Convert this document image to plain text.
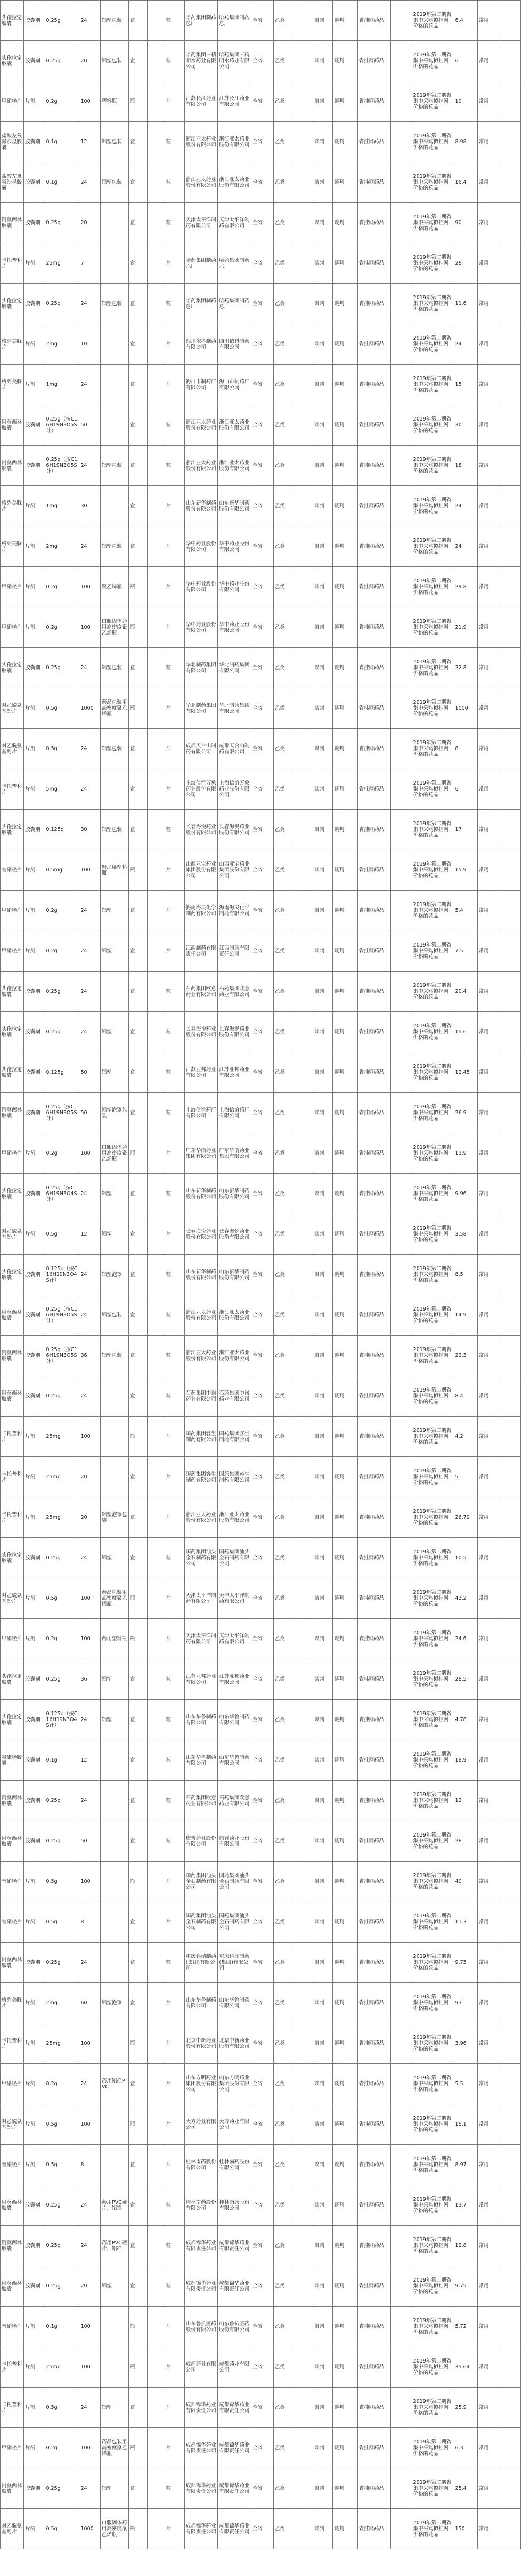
头孢拉定胶囊	胶囊剂	0.25g	24	铝塑包装	盒		粒	哈药集团制药总厂	哈药集团制药总厂	全省	乙类		谈判	谈判	省挂网药品		2019年第二期省集中采购拟挂网价格的药品	6.4	常用	
头孢拉定胶囊	胶囊剂	0.25g	20	铝塑包装	盒		粒	哈药集团三精明水药业有限公司	哈药集团三精明水药业有限公司	全省	乙类		谈判	谈判	省挂网药品		2019年第二期省集中采购拟挂网价格的药品	6	常用	
甲硝唑片	片剂	0.2g	100	塑料瓶	瓶		片	江苏长江药业有限公司	江苏长江药业有限公司	全省	乙类		谈判	谈判	省挂网药品		2019年第二期省集中采购拟挂网价格的药品	10	常用	
盐酸左氧氟沙星胶囊	胶囊剂	0.1g	12	铝塑包装	盒		粒	浙江亚太药业股份有限公司	浙江亚太药业股份有限公司	全省	乙类		谈判	谈判	省挂网药品		2019年第二期省集中采购拟挂网价格的药品	8.98	常用	
盐酸左氧氟沙星胶囊	胶囊剂	0.1g	24	铝塑包装	盒		粒	浙江亚太药业股份有限公司	浙江亚太药业股份有限公司	全省	乙类		谈判	谈判	省挂网药品		2019年第二期省集中采购拟挂网价格的药品	16.4	常用	
阿莫西林胶囊	胶囊剂	0.25g	20		盒		粒	天津太平洋制药有限公司	天津太平洋制药有限公司	全省	乙类		谈判	谈判	省挂网药品		2019年第二期省集中采购拟挂网价格的药品	90	常用	
卡托普利片	片剂	25mg	7		盒		片	哈药集团制药六厂	哈药集团制药六厂	全省	乙类		谈判	谈判	省挂网药品		2019年第二期省集中采购拟挂网价格的药品	28	常用	
头孢拉定胶囊	胶囊剂	0.25g	24	铝塑包装	盒		粒	哈药集团制药总厂	哈药集团制药总厂	全省	乙类		谈判	谈判	省挂网药品		2019年第二期省集中采购拟挂网价格的药品	11.6	常用	
格列美脲片	片剂	2mg	10		盒		片	四川依科制药有限公司	四川依科制药有限公司	全省	乙类		谈判	谈判	省挂网药品		2019年第二期省集中采购拟挂网价格的药品	24	常用	
格列美脲片	片剂	1mg	24		盒		片	海口市制药厂有限公司	海口市制药厂有限公司	全省	乙类		谈判	谈判	省挂网药品		2019年第二期省集中采购拟挂网价格的药品	15	常用	
阿莫西林胶囊	胶囊剂	0.25g（按C16H19N3O5S计）	50		盒		粒	浙江亚太药业股份有限公司	浙江亚太药业股份有限公司	全省	乙类		谈判	谈判	省挂网药品		2019年第二期省集中采购拟挂网价格的药品	30	常用	
阿莫西林胶囊	胶囊剂	0.25g（按C16H19N3O5S计）	24	铝塑包装	盒		粒	浙江亚太药业股份有限公司	浙江亚太药业股份有限公司	全省	乙类		谈判	谈判	省挂网药品		2019年第二期省集中采购拟挂网价格的药品	18	常用	
格列美脲片	片剂	1mg	30		盒		片	山东新华制药股份有限公司	山东新华制药股份有限公司	全省	乙类		谈判	谈判	省挂网药品		2019年第二期省集中采购拟挂网价格的药品	24	常用	
格列美脲片	片剂	2mg	24	铝塑包装	盒		片	华中药业股份有限公司	华中药业股份有限公司	全省	乙类		谈判	谈判	省挂网药品		2019年第二期省集中采购拟挂网价格的药品	24	常用	
甲硝唑片	片剂	0.2g	100	聚乙烯瓶	瓶		片	华中药业股份有限公司	华中药业股份有限公司	全省	乙类		谈判	谈判	省挂网药品		2019年第二期省集中采购拟挂网价格的药品	29.8	常用	
甲硝唑片	片剂	0.2g	100	口服固体药用高密度聚乙烯瓶	瓶		片	华中药业股份有限公司	华中药业股份有限公司	全省	乙类		谈判	谈判	省挂网药品		2019年第二期省集中采购拟挂网价格的药品	21.9	常用	
头孢拉定胶囊	胶囊剂	0.25g	24	铝塑包装	盒		粒	华北制药集团有限公司	华北制药集团有限公司	全省	乙类		谈判	谈判	省挂网药品		2019年第二期省集中采购拟挂网价格的药品	22.8	常用	
对乙酰氨基酚片	片剂	0.5g	1000	药品包装用高密度聚乙烯瓶	瓶		片	华北制药集团有限公司	华北制药集团有限公司	全省	乙类		谈判	谈判	省挂网药品		2019年第二期省集中采购拟挂网价格的药品	1000	常用	
对乙酰氨基酚片	片剂	0.5g	24	铝塑包装	盒		片	成都天台山制药有限公司	成都天台山制药有限公司	全省	乙类		谈判	谈判	省挂网药品		2019年第二期省集中采购拟挂网价格的药品	8	常用	
卡托普利片	片剂	5mg	24		盒		片	上海信谊万象药业股份有限公司	上海信谊万象药业股份有限公司	全省	乙类		谈判	谈判	省挂网药品		2019年第二期省集中采购拟挂网价格的药品	6	常用	
头孢拉定胶囊	胶囊剂	0.125g	30	铝塑包装	盒		粒	长春海悦药业股份有限公司	长春海悦药业股份有限公司	全省	乙类		谈判	谈判	省挂网药品		2019年第二期省集中采购拟挂网价格的药品	17	常用	
替硝唑片	片剂	0.5mg	100	聚乙烯塑料瓶	瓶		片	山西亚宝药业集团股份有限公司	山西亚宝药业集团股份有限公司	全省	乙类		谈判	谈判	省挂网药品		2019年第二期省集中采购拟挂网价格的药品	15.9	常用	
甲硝唑片	片剂	0.2g	24	铝塑	盒		片	海南海灵化学制药有限公司	海南海灵化学制药有限公司	全省	乙类		谈判	谈判	省挂网药品		2019年第二期省集中采购拟挂网价格的药品	5.4	常用	
甲硝唑片	片剂	0.2g	24	铝塑	盒		片	江西制药有限责任公司	江西制药有限责任公司	全省	乙类		谈判	谈判	省挂网药品		2019年第二期省集中采购拟挂网价格的药品	7.5	常用	
头孢拉定胶囊	胶囊剂	0.25g	24		盒		粒	石药集团欧意药业有限公司	石药集团欧意药业有限公司	全省	乙类		谈判	谈判	省挂网药品		2019年第二期省集中采购拟挂网价格的药品	20.4	常用	
头孢拉定胶囊	胶囊剂	0.25g	24	铝塑	盒		粒	长春海悦药业股份有限公司	长春海悦药业股份有限公司	全省	乙类		谈判	谈判	省挂网药品		2019年第二期省集中采购拟挂网价格的药品	15.6	常用	
头孢拉定胶囊	胶囊剂	0.125g	50	铝塑	盒		粒	江苏亚邦药业有限公司	江苏亚邦药业有限公司	全省	乙类		谈判	谈判	省挂网药品		2019年第二期省集中采购拟挂网价格的药品	12.45	常用	
阿莫西林胶囊	胶囊剂	0.25g（按C16H19N3O5S计）	50	铝塑泡罩包装	盒		粒	上海信谊药厂有限公司	上海信谊药厂有限公司	全省	乙类		谈判	谈判	省挂网药品		2019年第二期省集中采购拟挂网价格的药品	26.9	常用	
甲硝唑片	片剂	0.2g	100	口服固体药用高密度聚乙烯瓶	瓶		片	广东华南药业集团有限公司	广东华南药业集团有限公司	全省	乙类		谈判	谈判	省挂网药品		2019年第二期省集中采购拟挂网价格的药品	13.9	常用	
头孢拉定胶囊	胶囊剂	0.25g（按C16H19N3O4S计）	24	铝塑	盒		粒	山东新华制药股份有限公司	山东新华制药股份有限公司	全省	乙类		谈判	谈判	省挂网药品		2019年第二期省集中采购拟挂网价格的药品	9.96	常用	
对乙酰氨基酚片	片剂	0.5g	12	铝塑	盒		片	长春海悦药业股份有限公司	长春海悦药业股份有限公司	全省	乙类		谈判	谈判	省挂网药品		2019年第二期省集中采购拟挂网价格的药品	3.58	常用	
头孢拉定胶囊	胶囊剂	0.125g（按C16H19N3O4S计）	24	铝塑泡罩	盒		粒	山东新华制药股份有限公司	山东新华制药股份有限公司	全省	乙类		谈判	谈判	省挂网药品		2019年第二期省集中采购拟挂网价格的药品	8.5	常用	
阿莫西林胶囊	胶囊剂	0.25g（按C16H19N3O5S计）	24	铝塑包装	盒		粒	浙江亚太药业股份有限公司	浙江亚太药业股份有限公司	全省	乙类		谈判	谈判	省挂网药品		2019年第二期省集中采购拟挂网价格的药品	14.9	常用	
阿莫西林胶囊	胶囊剂	0.25g（按C16H19N3O5S计）	36	铝塑包装	盒		粒	浙江亚太药业股份有限公司	浙江亚太药业股份有限公司	全省	乙类		谈判	谈判	省挂网药品		2019年第二期省集中采购拟挂网价格的药品	22.3	常用	
阿莫西林胶囊	胶囊剂	0.25g	24		盒		粒	石药集团中诺药业有限公司	石药集团中诺药业有限公司	全省	乙类		谈判	谈判	省挂网药品		2019年第二期省集中采购拟挂网价格的药品	8.4	常用	
卡托普利片	片剂	25mg	100		瓶		片	国药集团容生制药有限公司	国药集团容生制药有限公司	全省	乙类		谈判	谈判	省挂网药品		2019年第二期省集中采购拟挂网价格的药品	4.2	常用	
卡托普利片	片剂	25mg	20		盒		片	国药集团容生制药有限公司	国药集团容生制药有限公司	全省	乙类		谈判	谈判	省挂网药品		2019年第二期省集中采购拟挂网价格的药品	5	常用	
卡托普利片	片剂	25mg	20	铝塑泡罩包装	盒		片	浙江亚太药业股份有限公司	浙江亚太药业股份有限公司	全省	乙类		谈判	谈判	省挂网药品		2019年第二期省集中采购拟挂网价格的药品	26.79	常用	
头孢拉定胶囊	胶囊剂	0.25g	24	铝塑	盒		粒	国药集团汕头金石制药有限公司	国药集团汕头金石制药有限公司	全省	乙类		谈判	谈判	省挂网药品		2019年第二期省集中采购拟挂网价格的药品	10.5	常用	
对乙酰氨基酚片	片剂	0.5g	100	药品包装用高密度聚乙烯瓶	瓶		片	天津太平洋制药有限公司	天津太平洋制药有限公司	全省	乙类		谈判	谈判	省挂网药品		2019年第二期省集中采购拟挂网价格的药品	43.2	常用	
甲硝唑片	片剂	0.2g	100	药用塑料瓶	瓶		片	天津太平洋制药有限公司	天津太平洋制药有限公司	全省	乙类		谈判	谈判	省挂网药品		2019年第二期省集中采购拟挂网价格的药品	24.6	常用	
头孢拉定胶囊	胶囊剂	0.25g	36	铝塑	盒		粒	江苏亚邦药业有限公司	江苏亚邦药业有限公司	全省	乙类		谈判	谈判	省挂网药品		2019年第二期省集中采购拟挂网价格的药品	28.5	常用	
头孢拉定胶囊	胶囊剂	0.125g（按C16H19N3O4S计）	24	铝塑	盒		粒	山东华鲁制药有限公司	山东华鲁制药有限公司	全省	乙类		谈判	谈判	省挂网药品		2019年第二期省集中采购拟挂网价格的药品	4.78	常用	
氟康唑胶囊	胶囊剂	0.1g	12		盒		粒	山东华鲁制药有限公司	山东华鲁制药有限公司	全省	乙类		谈判	谈判	省挂网药品		2019年第二期省集中采购拟挂网价格的药品	18.9	常用	
阿莫西林胶囊	胶囊剂	0.25g	24		盒		粒	石药集团欧意药业有限公司	石药集团欧意药业有限公司	全省	乙类		谈判	谈判	省挂网药品		2019年第二期省集中采购拟挂网价格的药品	12	常用	
阿莫西林胶囊	胶囊剂	0.25g	50		盒		粒	康普药业股份有限公司	康普药业股份有限公司	全省	乙类		谈判	谈判	省挂网药品		2019年第二期省集中采购拟挂网价格的药品	28	常用	
替硝唑片	片剂	0.5g	100		瓶		片	国药集团汕头金石制药有限公司	国药集团汕头金石制药有限公司	全省	乙类		谈判	谈判	省挂网药品		2019年第二期省集中采购拟挂网价格的药品	40	常用	
替硝唑片	片剂	0.5g	8		盒		片	国药集团汕头金石制药有限公司	国药集团汕头金石制药有限公司	全省	乙类		谈判	谈判	省挂网药品		2019年第二期省集中采购拟挂网价格的药品	11.3	常用	
阿莫西林胶囊	胶囊剂	0.25g	24		盒		粒	重庆科瑞制药(集团)有限公司	重庆科瑞制药(集团)有限公司	全省	乙类		谈判	谈判	省挂网药品		2019年第二期省集中采购拟挂网价格的药品	9.75	常用	
格列美脲片	片剂	2mg	60	铝塑泡罩	盒		片	山东华鲁制药有限公司	山东华鲁制药有限公司	全省	乙类		谈判	谈判	省挂网药品		2019年第二期省集中采购拟挂网价格的药品	93	常用	
卡托普利片	片剂	25mg	100		瓶		片	北京中新药业股份有限公司	北京中新药业股份有限公司	全省	乙类		谈判	谈判	省挂网药品		2019年第二期省集中采购拟挂网价格的药品	3.96	常用	
甲硝唑片	片剂	0.2g	24	药用铝箔PVC	盒		片	山东方明药业集团股份有限公司	山东方明药业集团股份有限公司	全省	乙类		谈判	谈判	省挂网药品		2019年第二期省集中采购拟挂网价格的药品	5.5	常用	
对乙酰氨基酚片	片剂	0.5g	100		瓶		片	天方药业有限公司	天方药业有限公司	全省	乙类		谈判	谈判	省挂网药品		2019年第二期省集中采购拟挂网价格的药品	15.1	常用	
替硝唑片	片剂	0.5g	8		盒		片	桂林南药股份有限公司	桂林南药股份有限公司	全省	乙类		谈判	谈判	省挂网药品		2019年第二期省集中采购拟挂网价格的药品	8.97	常用	
阿莫西林胶囊	胶囊剂	0.25g	24	药用PVC硬片、铝箔	盒		粒	桂林南药股份有限公司	桂林南药股份有限公司	全省	乙类		谈判	谈判	省挂网药品		2019年第二期省集中采购拟挂网价格的药品	13.7	常用	
阿莫西林胶囊	胶囊剂	0.25g	24	药用PVC硬片、铝箔	盒		粒	成都锦华药业有限责任公司	成都锦华药业有限责任公司	全省	乙类		谈判	谈判	省挂网药品		2019年第二期省集中采购拟挂网价格的药品	12.8	常用	
阿莫西林胶囊	胶囊剂	0.25g	20	铝塑	盒		粒	成都锦华药业有限责任公司	成都锦华药业有限责任公司	全省	乙类		谈判	谈判	省挂网药品		2019年第二期省集中采购拟挂网价格的药品	9.75	常用	
替硝唑片	片剂	0.1g	100		瓶		片	山东鲁抗医药股份有限公司	山东鲁抗医药股份有限公司	全省	乙类		谈判	谈判	省挂网药品		2019年第二期省集中采购拟挂网价格的药品	5.72	常用	
卡托普利片	片剂	25mg	100		瓶		片	成都药业有限公司	成都药业有限公司	全省	乙类		谈判	谈判	省挂网药品		2019年第二期省集中采购拟挂网价格的药品	35.64	常用	
卡托普利片	片剂	0.5g	24	铝塑	盒		片	成都锦华药业有限责任公司	成都锦华药业有限责任公司	全省	乙类		谈判	谈判	省挂网药品		2019年第二期省集中采购拟挂网价格的药品	25.9	常用	
甲硝唑片	片剂	0.2g	100	药品包装用高密度聚乙烯瓶	瓶		片	成都锦华药业有限责任公司	成都锦华药业有限责任公司	全省	乙类		谈判	谈判	省挂网药品		2019年第二期省集中采购拟挂网价格的药品	6.3	常用	
阿莫西林胶囊	胶囊剂	0.25g	24	铝塑	盒		粒	成都锦华药业有限责任公司	成都锦华药业有限责任公司	全省	乙类		谈判	谈判	省挂网药品		2019年第二期省集中采购拟挂网价格的药品	25.4	常用	
对乙酰氨基酚片	片剂	0.5g	1000	口服固体药用高密度聚乙烯瓶	瓶		片	成都锦华药业有限责任公司	成都锦华药业有限责任公司	全省	乙类		谈判	谈判	省挂网药品		2019年第二期省集中采购拟挂网价格的药品	150	常用	
